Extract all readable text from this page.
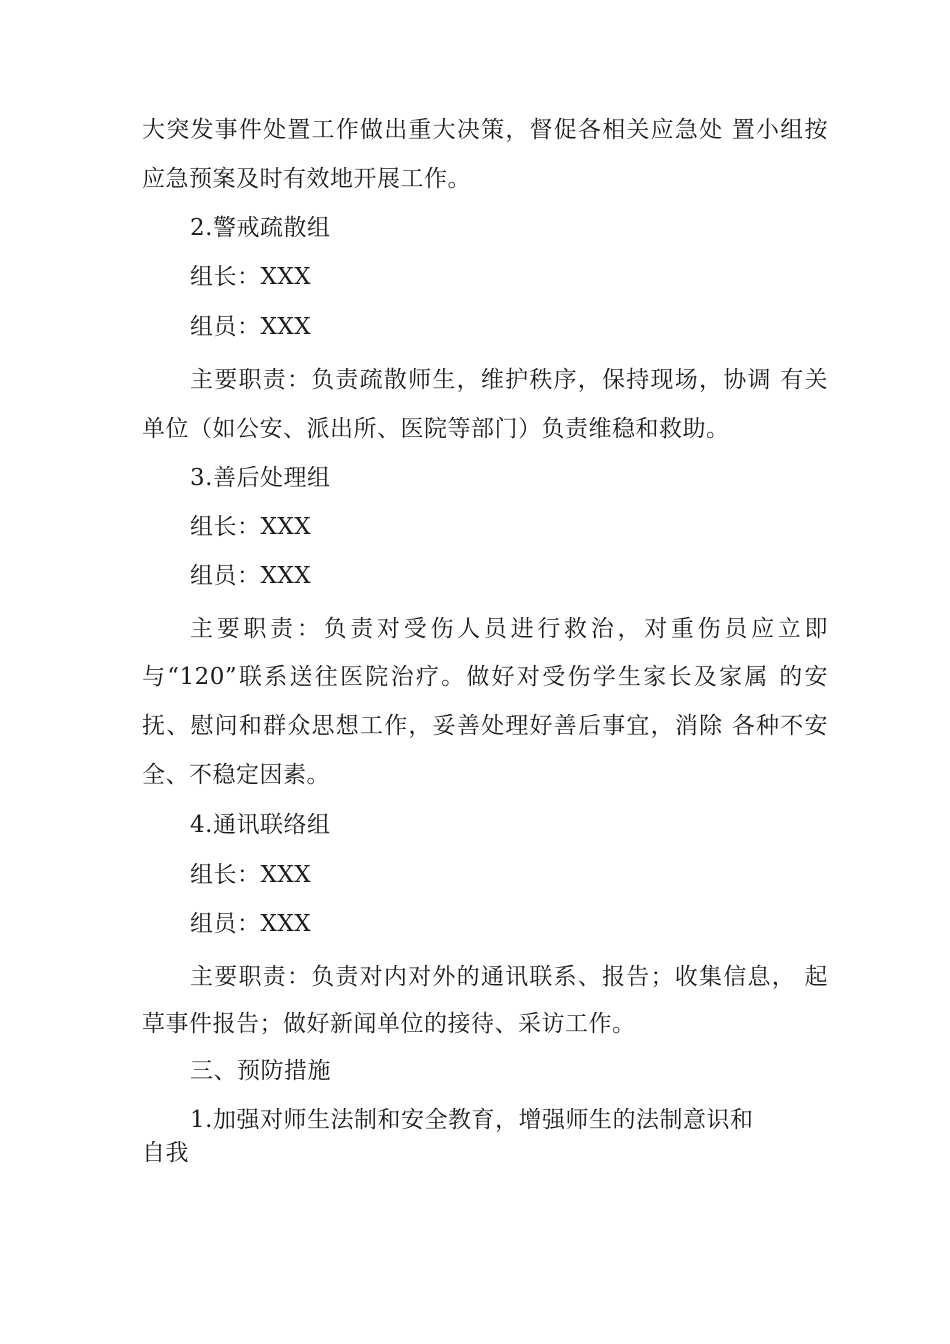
大突发事件处置工作做出重大决策，督促各相关应急处 置小组按
应急预案及时有效地开展工作。
2.警戒疏散组
组长：XXX
组员：XXX
主要职责：负责疏散师生，维护秩序，保持现场，协调 有关
单位（如公安、派出所、医院等部门）负责维稳和救助。
3.善后处理组
组长：XXX
组员：XXX
主要职责：负责对受伤人员进行救治，对重伤员应立即
与“120”联系送往医院治疗。做好对受伤学生家长及家属 的安
抚、慰问和群众思想工作，妥善处理好善后事宜，消除 各种不安
全、不稳定因素。
4.通讯联络组
组长：XXX
组员：XXX
主要职责：负责对内对外的通讯联系、报告；收集信息， 起
草事件报告；做好新闻单位的接待、采访工作。
三、预防措施
1.加强对师生法制和安全教育，增强师生的法制意识和
自我
